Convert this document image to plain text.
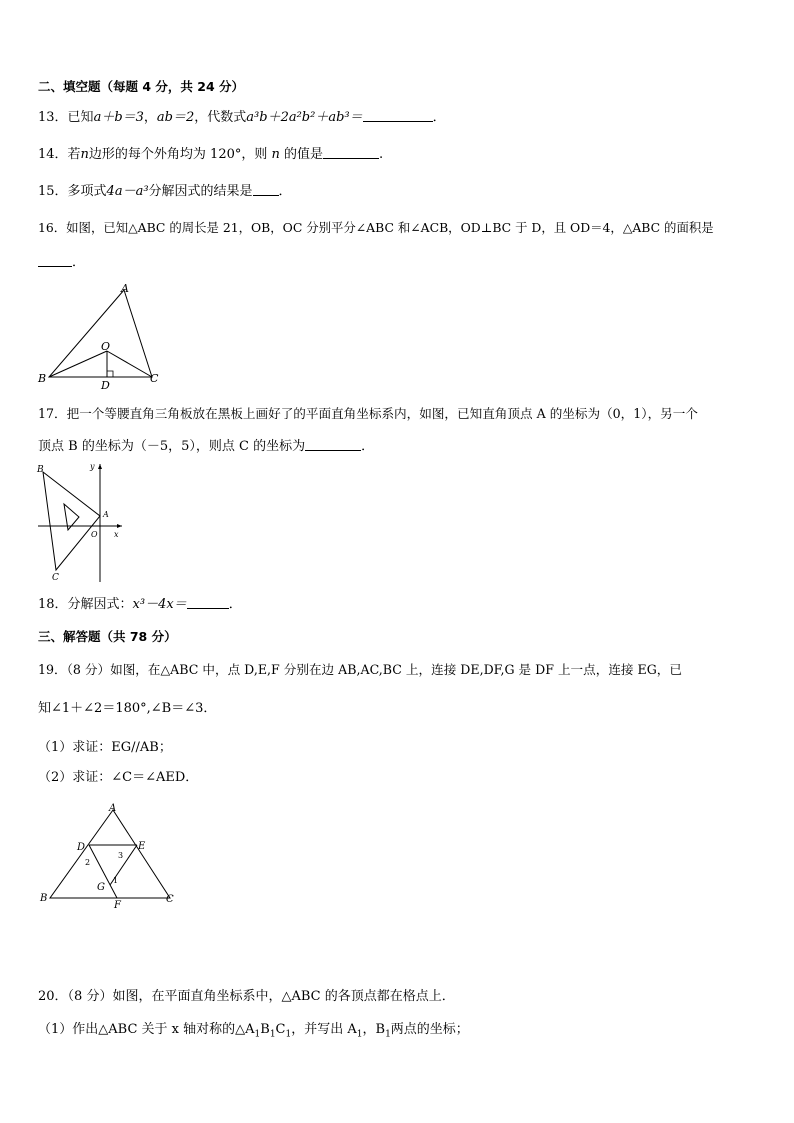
二、填空题（每题 4 分，共 24 分）
13．已知a＋b＝3，ab＝2，代数式a³b＋2a²b²＋ab³＝	．
14．若n边形的每个外角均为 120°，则 n 的值是	.
15．多项式4a－a³分解因式的结果是 ．
16．如图，已知△ABC 的周长是 21，OB，OC 分别平分∠ABC 和∠ACB，OD⊥BC 于 D，且 OD＝4，△ABC 的面积是
．
A
B	C
O
D
17．把一个等腰直角三角板放在黑板上画好了的平面直角坐标系内，如图，已知直角顶点 A 的坐标为（0，1），另一个
顶点 B 的坐标为（－5，5），则点 C 的坐标为	．
B
A
C
O x
y
18．分解因式：x³－4x＝	．
三、解答题（共 78 分）
19．（8 分）如图，在△ABC 中，点 D,E,F 分别在边 AB,AC,BC 上，连接 DE,DF,G 是 DF 上一点，连接 EG，已
知∠1＋∠2＝180°,∠B＝∠3．
（1）求证：EG//AB；
（2）求证：∠C＝∠AED．
A
B	C
D	E
F
G
1
2
3
20．（8 分）如图，在平面直角坐标系中，△ABC 的各顶点都在格点上．
（1）作出△ABC 关于 x 轴对称的$\triangle A_1B_1C_1$，并写出 $A_1$，$B_1$两点的坐标；
